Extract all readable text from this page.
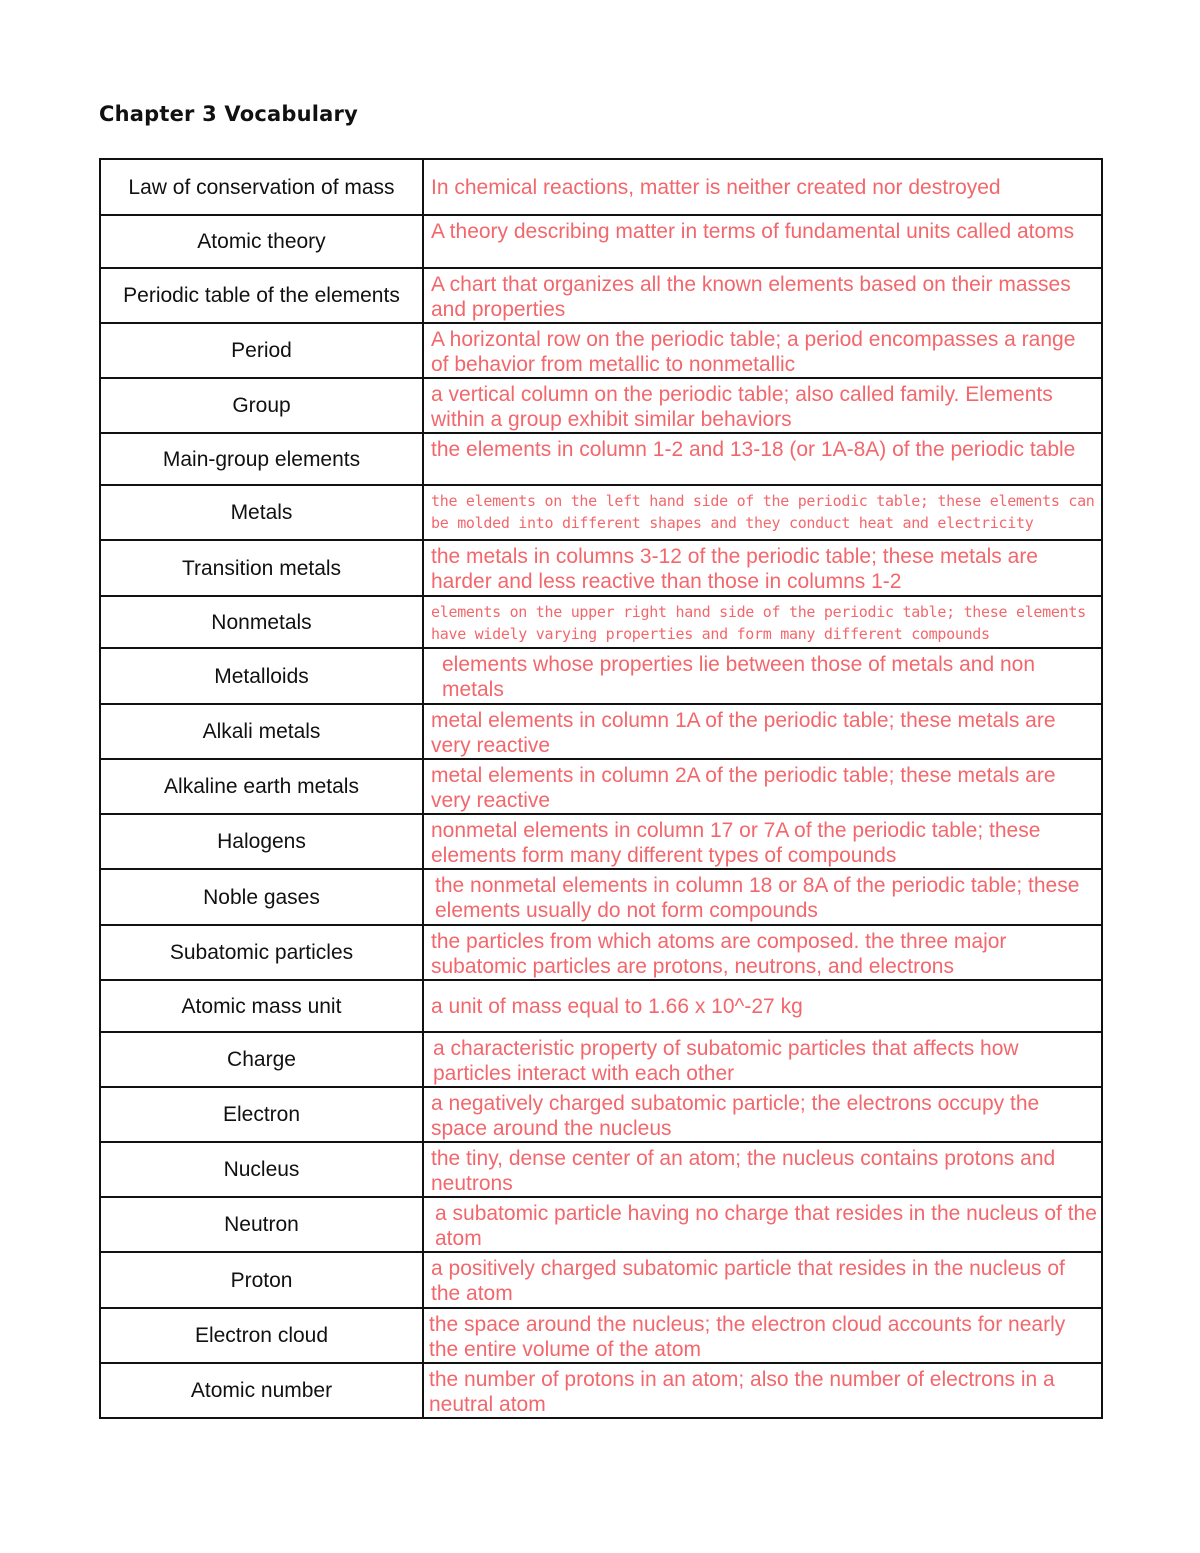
Chapter 3 Vocabulary
Law of conservation of mass	In chemical reactions, matter is neither created nor destroyed
Atomic theory	A theory describing matter in terms of fundamental units called atoms
Periodic table of the elements	A chart that organizes all the known elements based on their masses and properties
Period	A horizontal row on the periodic table; a period encompasses a range of behavior from metallic to nonmetallic
Group	a vertical column on the periodic table; also called family. Elements within a group exhibit similar behaviors
Main-group elements	the elements in column 1-2 and 13-18 (or 1A-8A) of the periodic table
Metals	the elements on the left hand side of the periodic table; these elements can be molded into different shapes and they conduct heat and electricity
Transition metals	the metals in columns 3-12 of the periodic table; these metals are harder and less reactive than those in columns 1-2
Nonmetals	elements on the upper right hand side of the periodic table; these elements have widely varying properties and form many different compounds
Metalloids	elements whose properties lie between those of metals and non metals
Alkali metals	metal elements in column 1A of the periodic table; these metals are very reactive
Alkaline earth metals	metal elements in column 2A of the periodic table; these metals are very reactive
Halogens	nonmetal elements in column 17 or 7A of the periodic table; these elements form many different types of compounds
Noble gases	the nonmetal elements in column 18 or 8A of the periodic table; these elements usually do not form compounds
Subatomic particles	the particles from which atoms are composed. the three major subatomic particles are protons, neutrons, and electrons
Atomic mass unit	a unit of mass equal to 1.66 x 10^-27 kg
Charge	a characteristic property of subatomic particles that affects how particles interact with each other
Electron	a negatively charged subatomic particle; the electrons occupy the space around the nucleus
Nucleus	the tiny, dense center of an atom; the nucleus contains protons and neutrons
Neutron	a subatomic particle having no charge that resides in the nucleus of the atom
Proton	a positively charged subatomic particle that resides in the nucleus of the atom
Electron cloud	the space around the nucleus; the electron cloud accounts for nearly the entire volume of the atom
Atomic number	the number of protons in an atom; also the number of electrons in a neutral atom
